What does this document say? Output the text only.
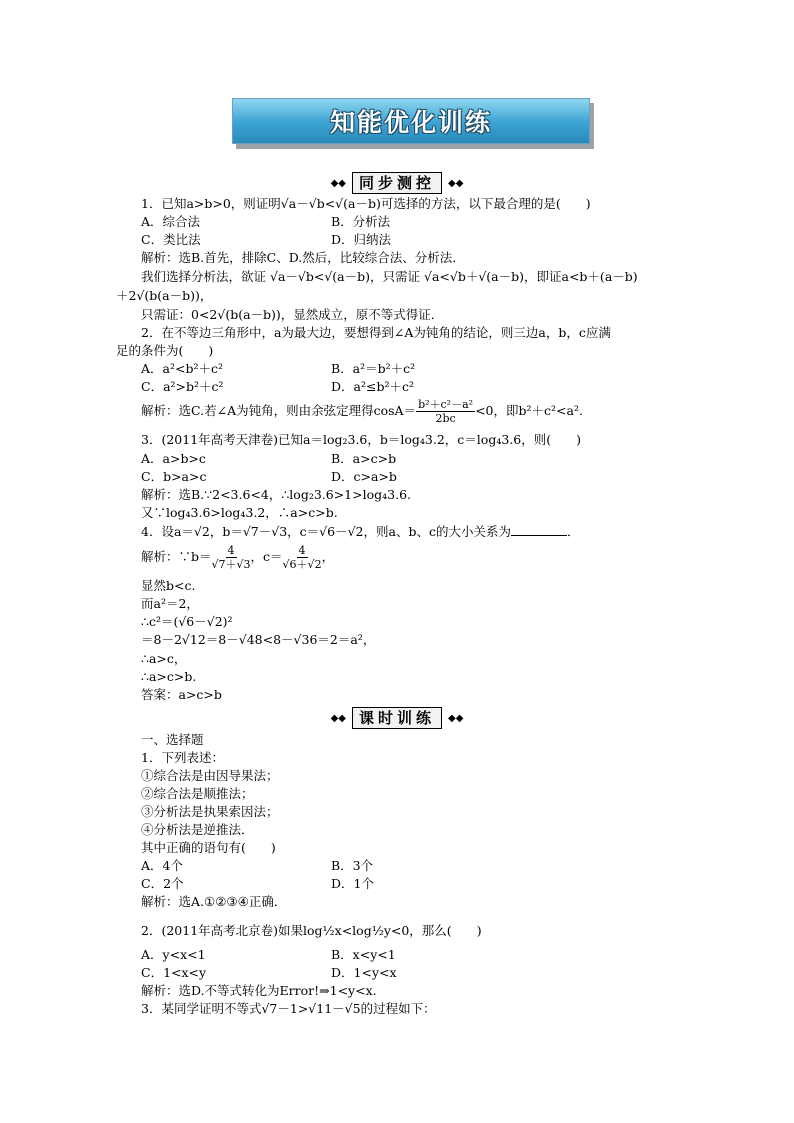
知能优化训练
◆◆ 同步测控	◆◆
1．已知a>b>0，则证明√a－√b<√(a－b)可选择的方法，以下最合理的是(　　)
A．综合法	B．分析法
C．类比法	D．归纳法
解析：选B.首先，排除C、D.然后，比较综合法、分析法．
我们选择分析法，欲证 √a－√b<√(a－b)，只需证 √a<√b＋√(a－b)，即证a<b＋(a－b)
＋2√(b(a－b))，
只需证：0<2√(b(a－b))，显然成立，原不等式得证．
2．在不等边三角形中，a为最大边，要想得到∠A为钝角的结论，则三边a，b，c应满
足的条件为(　　)
A．a²<b²＋c²	B．a²＝b²＋c²
C．a²>b²＋c²	D．a²≤b²＋c²
解析：选C.若∠A为钝角，则由余弦定理得$\cos A= \frac{\text{b²＋c²－a²}}{2bc} <0$，即b²＋c²<a².
3．(2011年高考天津卷)已知a＝log₂3.6，b＝log₄3.2，c＝log₄3.6，则(　　)
A．a>b>c	B．a>c>b
C．b>a>c	D．c>a>b
解析：选B.∵2<3.6<4，∴log₂3.6>1>log₄3.6.
又∵log₄3.6>log₄3.2，∴a>c>b.
4．设a＝√2，b＝√7－√3，c＝√6－√2，则a、b、c的大小关系为	．
解析：∵b＝ $\frac{4}{√7+√3}$ ，$c= \frac{4}{√6+√2}$ ，
显然b<c.
而a²＝2，
∴c²＝(√6－√2)²
＝8－2√12＝8－√48<8－√36＝2＝a²，
∴a>c，
∴a>c>b.
答案：a>c>b
◆◆ 课时训练	◆◆
一、选择题
1．下列表述：
①综合法是由因导果法；
②综合法是顺推法；
③分析法是执果索因法；
④分析法是逆推法．
其中正确的语句有(　　)
A．4个	B．3个
C．2个	D．1个
解析：选A.①②③④正确．
2．(2011年高考北京卷)如果log½x<log½y<0，那么(　　)
A．y<x<1	B．x<y<1
C．1<x<y	D．1<y<x
解析：选D.不等式转化为Error!⇒1<y<x.
3．某同学证明不等式√7－1>√11－√5的过程如下：
